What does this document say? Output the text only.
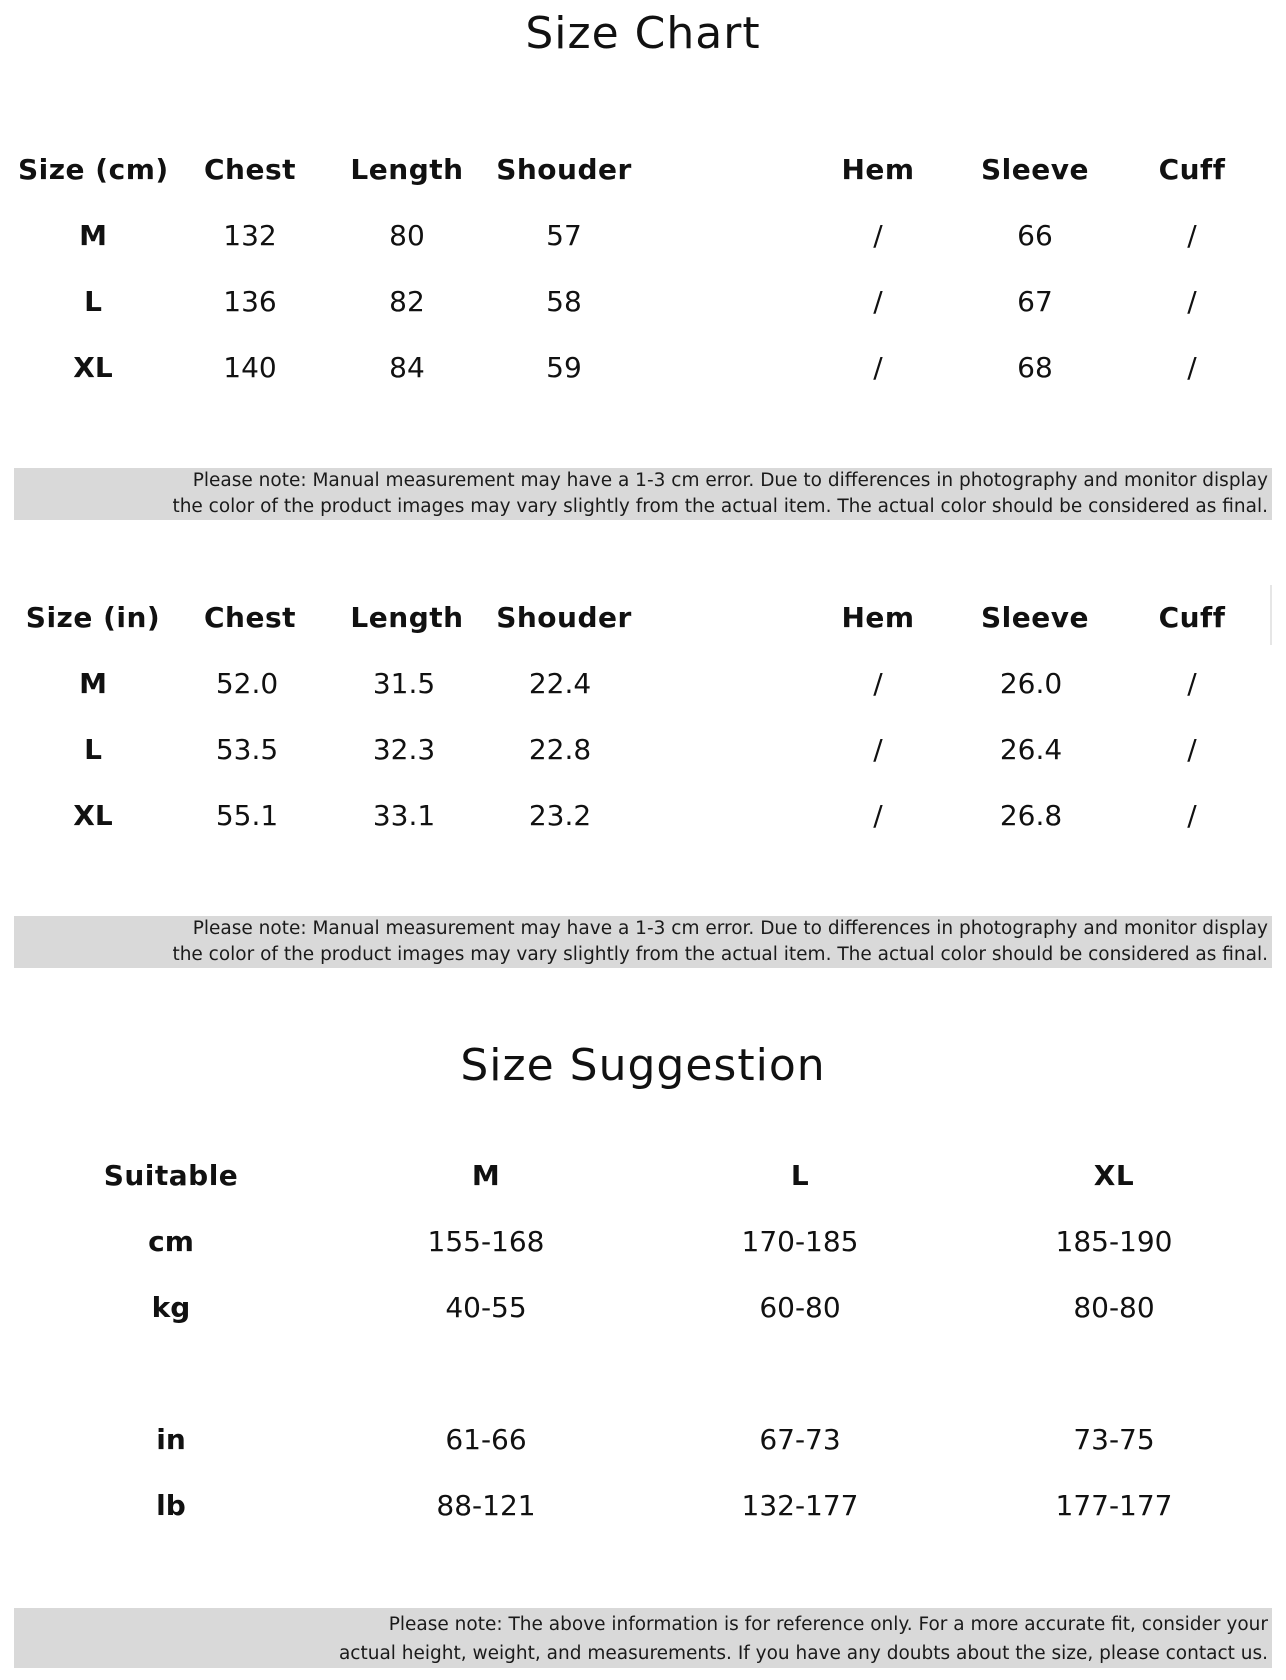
Size Chart
Size (cm)	Chest	Length	Shouder	Hem	Sleeve	Cuff
M	132	80	57	/	66	/
L	136	82	58	/	67	/
XL	140	84	59	/	68	/
Please note: Manual measurement may have a 1-3 cm error. Due to differences in photography and monitor display
the color of the product images may vary slightly from the actual item. The actual color should be considered as final.
Size (in)	Chest	Length	Shouder	Hem	Sleeve	Cuff
M	52.0	31.5	22.4	/	26.0	/
L	53.5	32.3	22.8	/	26.4	/
XL	55.1	33.1	23.2	/	26.8	/
Please note: Manual measurement may have a 1-3 cm error. Due to differences in photography and monitor display
the color of the product images may vary slightly from the actual item. The actual color should be considered as final.
Size Suggestion
Suitable	M	L	XL
cm	155-168	170-185	185-190
kg	40-55	60-80	80-80
in	61-66	67-73	73-75
lb	88-121	132-177	177-177
Please note: The above information is for reference only. For a more accurate fit, consider your
actual height, weight, and measurements. If you have any doubts about the size, please contact us.
